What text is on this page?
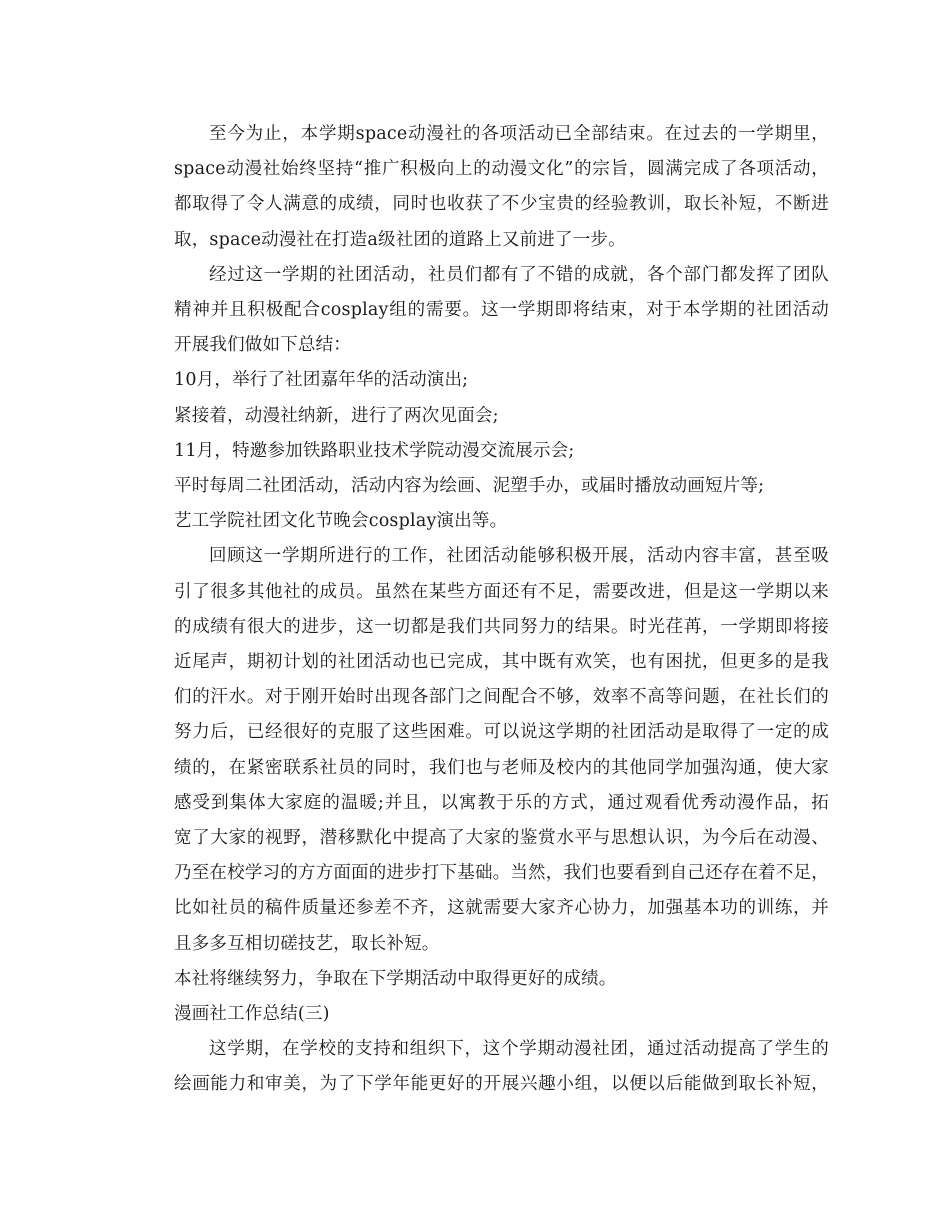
至今为止，本学期space动漫社的各项活动已全部结束。在过去的一学期里，
space动漫社始终坚持“推广积极向上的动漫文化”的宗旨，圆满完成了各项活动，
都取得了令人满意的成绩，同时也收获了不少宝贵的经验教训，取长补短，不断进
取，space动漫社在打造a级社团的道路上又前进了一步。
经过这一学期的社团活动，社员们都有了不错的成就，各个部门都发挥了团队
精神并且积极配合cosplay组的需要。这一学期即将结束，对于本学期的社团活动
开展我们做如下总结：
10月，举行了社团嘉年华的活动演出;
紧接着，动漫社纳新，进行了两次见面会;
11月，特邀参加铁路职业技术学院动漫交流展示会;
平时每周二社团活动，活动内容为绘画、泥塑手办，或届时播放动画短片等;
艺工学院社团文化节晚会cosplay演出等。
回顾这一学期所进行的工作，社团活动能够积极开展，活动内容丰富，甚至吸
引了很多其他社的成员。虽然在某些方面还有不足，需要改进，但是这一学期以来
的成绩有很大的进步，这一切都是我们共同努力的结果。时光荏苒，一学期即将接
近尾声，期初计划的社团活动也已完成，其中既有欢笑，也有困扰，但更多的是我
们的汗水。对于刚开始时出现各部门之间配合不够，效率不高等问题，在社长们的
努力后，已经很好的克服了这些困难。可以说这学期的社团活动是取得了一定的成
绩的，在紧密联系社员的同时，我们也与老师及校内的其他同学加强沟通，使大家
感受到集体大家庭的温暖;并且，以寓教于乐的方式，通过观看优秀动漫作品，拓
宽了大家的视野，潜移默化中提高了大家的鉴赏水平与思想认识，为今后在动漫、
乃至在校学习的方方面面的进步打下基础。当然，我们也要看到自己还存在着不足，
比如社员的稿件质量还参差不齐，这就需要大家齐心协力，加强基本功的训练，并
且多多互相切磋技艺，取长补短。
本社将继续努力，争取在下学期活动中取得更好的成绩。
漫画社工作总结(三)
这学期，在学校的支持和组织下，这个学期动漫社团，通过活动提高了学生的
绘画能力和审美，为了下学年能更好的开展兴趣小组，以便以后能做到取长补短，
